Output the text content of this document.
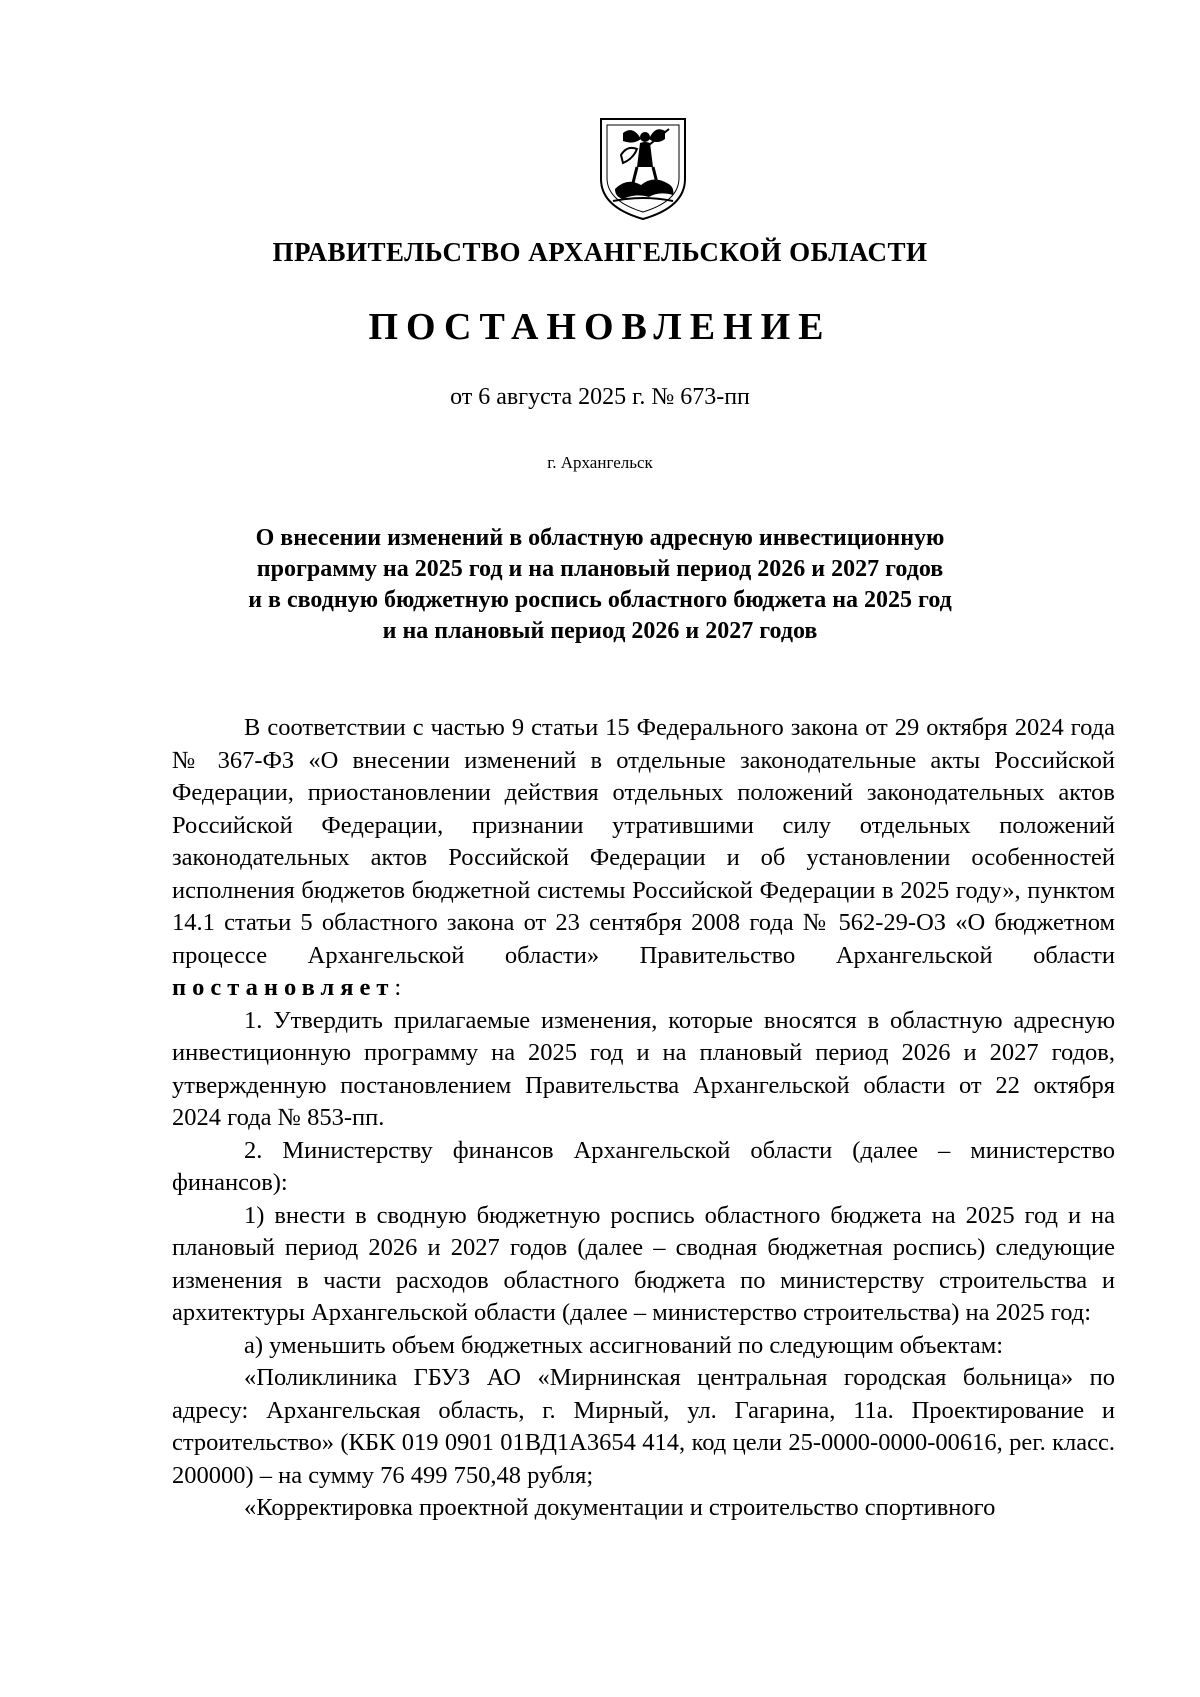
ПРАВИТЕЛЬСТВО АРХАНГЕЛЬСКОЙ ОБЛАСТИ
ПОСТАНОВЛЕНИЕ
от 6 августа 2025 г. № 673-пп
г. Архангельск
О внесении изменений в областную адресную инвестиционную
программу на 2025 год и на плановый период 2026 и 2027 годов
и в сводную бюджетную роспись областного бюджета на 2025 год
и на плановый период 2026 и 2027 годов

В соответствии с частью 9 статьи 15 Федерального закона от 29 октября 2024 года № 367-ФЗ «О внесении изменений в отдельные законодательные акты Российской Федерации, приостановлении действия отдельных положений законодательных актов Российской Федерации, признании утратившими силу отдельных положений законодательных актов Российской Федерации и об установлении особенностей исполнения бюджетов бюджетной системы Российской Федерации в 2025 году», пунктом 14.1 статьи 5 областного закона от 23 сентября 2008 года № 562-29-ОЗ «О бюджетном процессе Архангельской области» Правительство Архангельской области постановляет:

1. Утвердить прилагаемые изменения, которые вносятся в областную адресную инвестиционную программу на 2025 год и на плановый период 2026 и 2027 годов, утвержденную постановлением Правительства Архангельской области от 22 октября 2024 года № 853-пп.

2. Министерству финансов Архангельской области (далее – министерство финансов):

1) внести в сводную бюджетную роспись областного бюджета на 2025 год и на плановый период 2026 и 2027 годов (далее – сводная бюджетная роспись) следующие изменения в части расходов областного бюджета по министерству строительства и архитектуры Архангельской области (далее – министерство строительства) на 2025 год:

а) уменьшить объем бюджетных ассигнований по следующим объектам:

«Поликлиника ГБУЗ АО «Мирнинская центральная городская больница» по адресу: Архангельская область, г. Мирный, ул. Гагарина, 11а. Проектирование и строительство» (КБК 019 0901 01ВД1А3654 414, код цели 25-0000-0000-00616, рег. класс. 200000) – на сумму 76 499 750,48 рубля;

«Корректировка проектной документации и строительство спортивного
